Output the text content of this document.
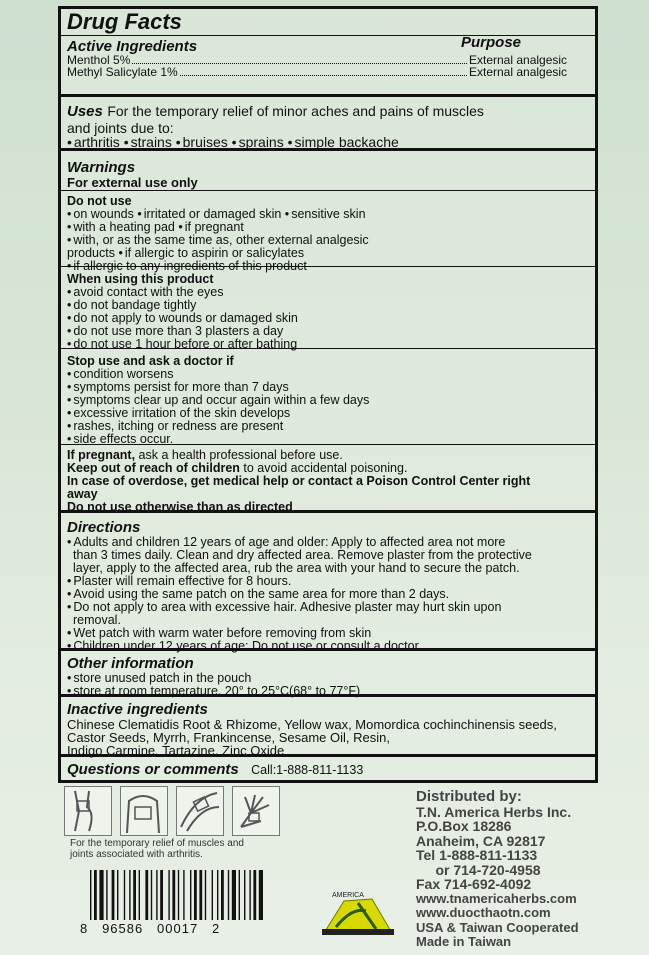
Drug Facts
Active Ingredients	Purpose
Menthol 5%	External analgesic
Methyl Salicylate 1%	External analgesic
Uses For the temporary relief of minor aches and pains of muscles
and joints due to:
• arthritis • strains • bruises • sprains • simple backache
Warnings
For external use only
Do not use
• on wounds • irritated or damaged skin • sensitive skin
• with a heating pad • if pregnant
• with, or as the same time as, other external analgesic
products • if allergic to aspirin or salicylates
• if allergic to any ingredients of this product
When using this product
• avoid contact with the eyes
• do not bandage tightly
• do not apply to wounds or damaged skin
• do not use more than 3 plasters a day
• do not use 1 hour before or after bathing
Stop use and ask a doctor if
• condition worsens
• symptoms persist for more than 7 days
• symptoms clear up and occur again within a few days
• excessive irritation of the skin develops
• rashes, itching or redness are present
• side effects occur.
If pregnant, ask a health professional before use.
Keep out of reach of children to avoid accidental poisoning.
In case of overdose, get medical help or contact a Poison Control Center right
away
Do not use otherwise than as directed
Directions
• Adults and children 12 years of age and older: Apply to affected area not more
than 3 times daily. Clean and dry affected area. Remove plaster from the protective
layer, apply to the affected area, rub the area with your hand to secure the patch.
• Plaster will remain effective for 8 hours.
• Avoid using the same patch on the same area for more than 2 days.
• Do not apply to area with excessive hair. Adhesive plaster may hurt skin upon
removal.
• Wet patch with warm water before removing from skin
• Children under 12 years of age: Do not use or consult a doctor.
Other information
• store unused patch in the pouch
• store at room temperature, 20° to 25°C(68° to 77°F)
Inactive ingredients
Chinese Clematidis Root & Rhizome, Yellow wax, Momordica cochinchinensis seeds,
Castor Seeds, Myrrh, Frankincense, Sesame Oil, Resin,
Indigo Carmine, Tartazine, Zinc Oxide
Questions or comments Call:1-888-811-1133
For the temporary relief of muscles and
joints associated with arthritis.
8   96586   00017   2
AMERICA
Distributed by:
T.N. America Herbs Inc.
P.O.Box 18286
Anaheim, CA 92817
Tel 1-888-811-1133
or 714-720-4958
Fax 714-692-4092
www.tnamericaherbs.com
www.duocthaotn.com
USA & Taiwan Cooperated
Made in Taiwan
